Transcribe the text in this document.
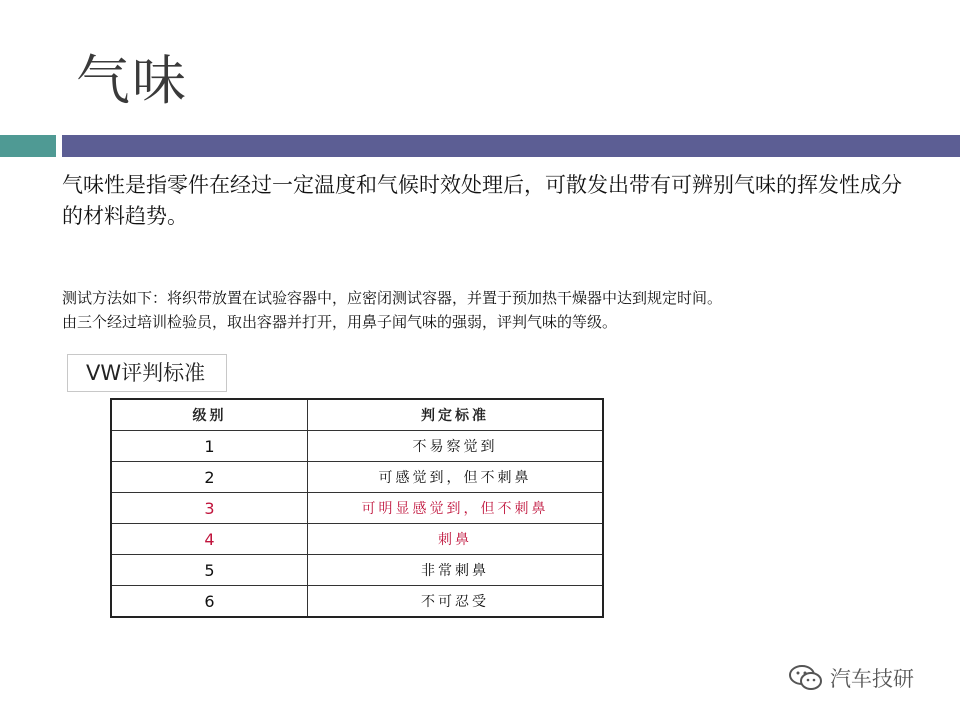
气味
气味性是指零件在经过一定温度和气候时效处理后，可散发出带有可辨别气味的挥发性成分的材料趋势。
测试方法如下：将织带放置在试验容器中，应密闭测试容器，并置于预加热干燥器中达到规定时间。
由三个经过培训检验员，取出容器并打开，用鼻子闻气味的强弱，评判气味的等级。
VW评判标准
级别	判定标准
1	不易察觉到
2	可感觉到，但不刺鼻
3	可明显感觉到，但不刺鼻
4	刺鼻
5	非常刺鼻
6	不可忍受
汽车技研
